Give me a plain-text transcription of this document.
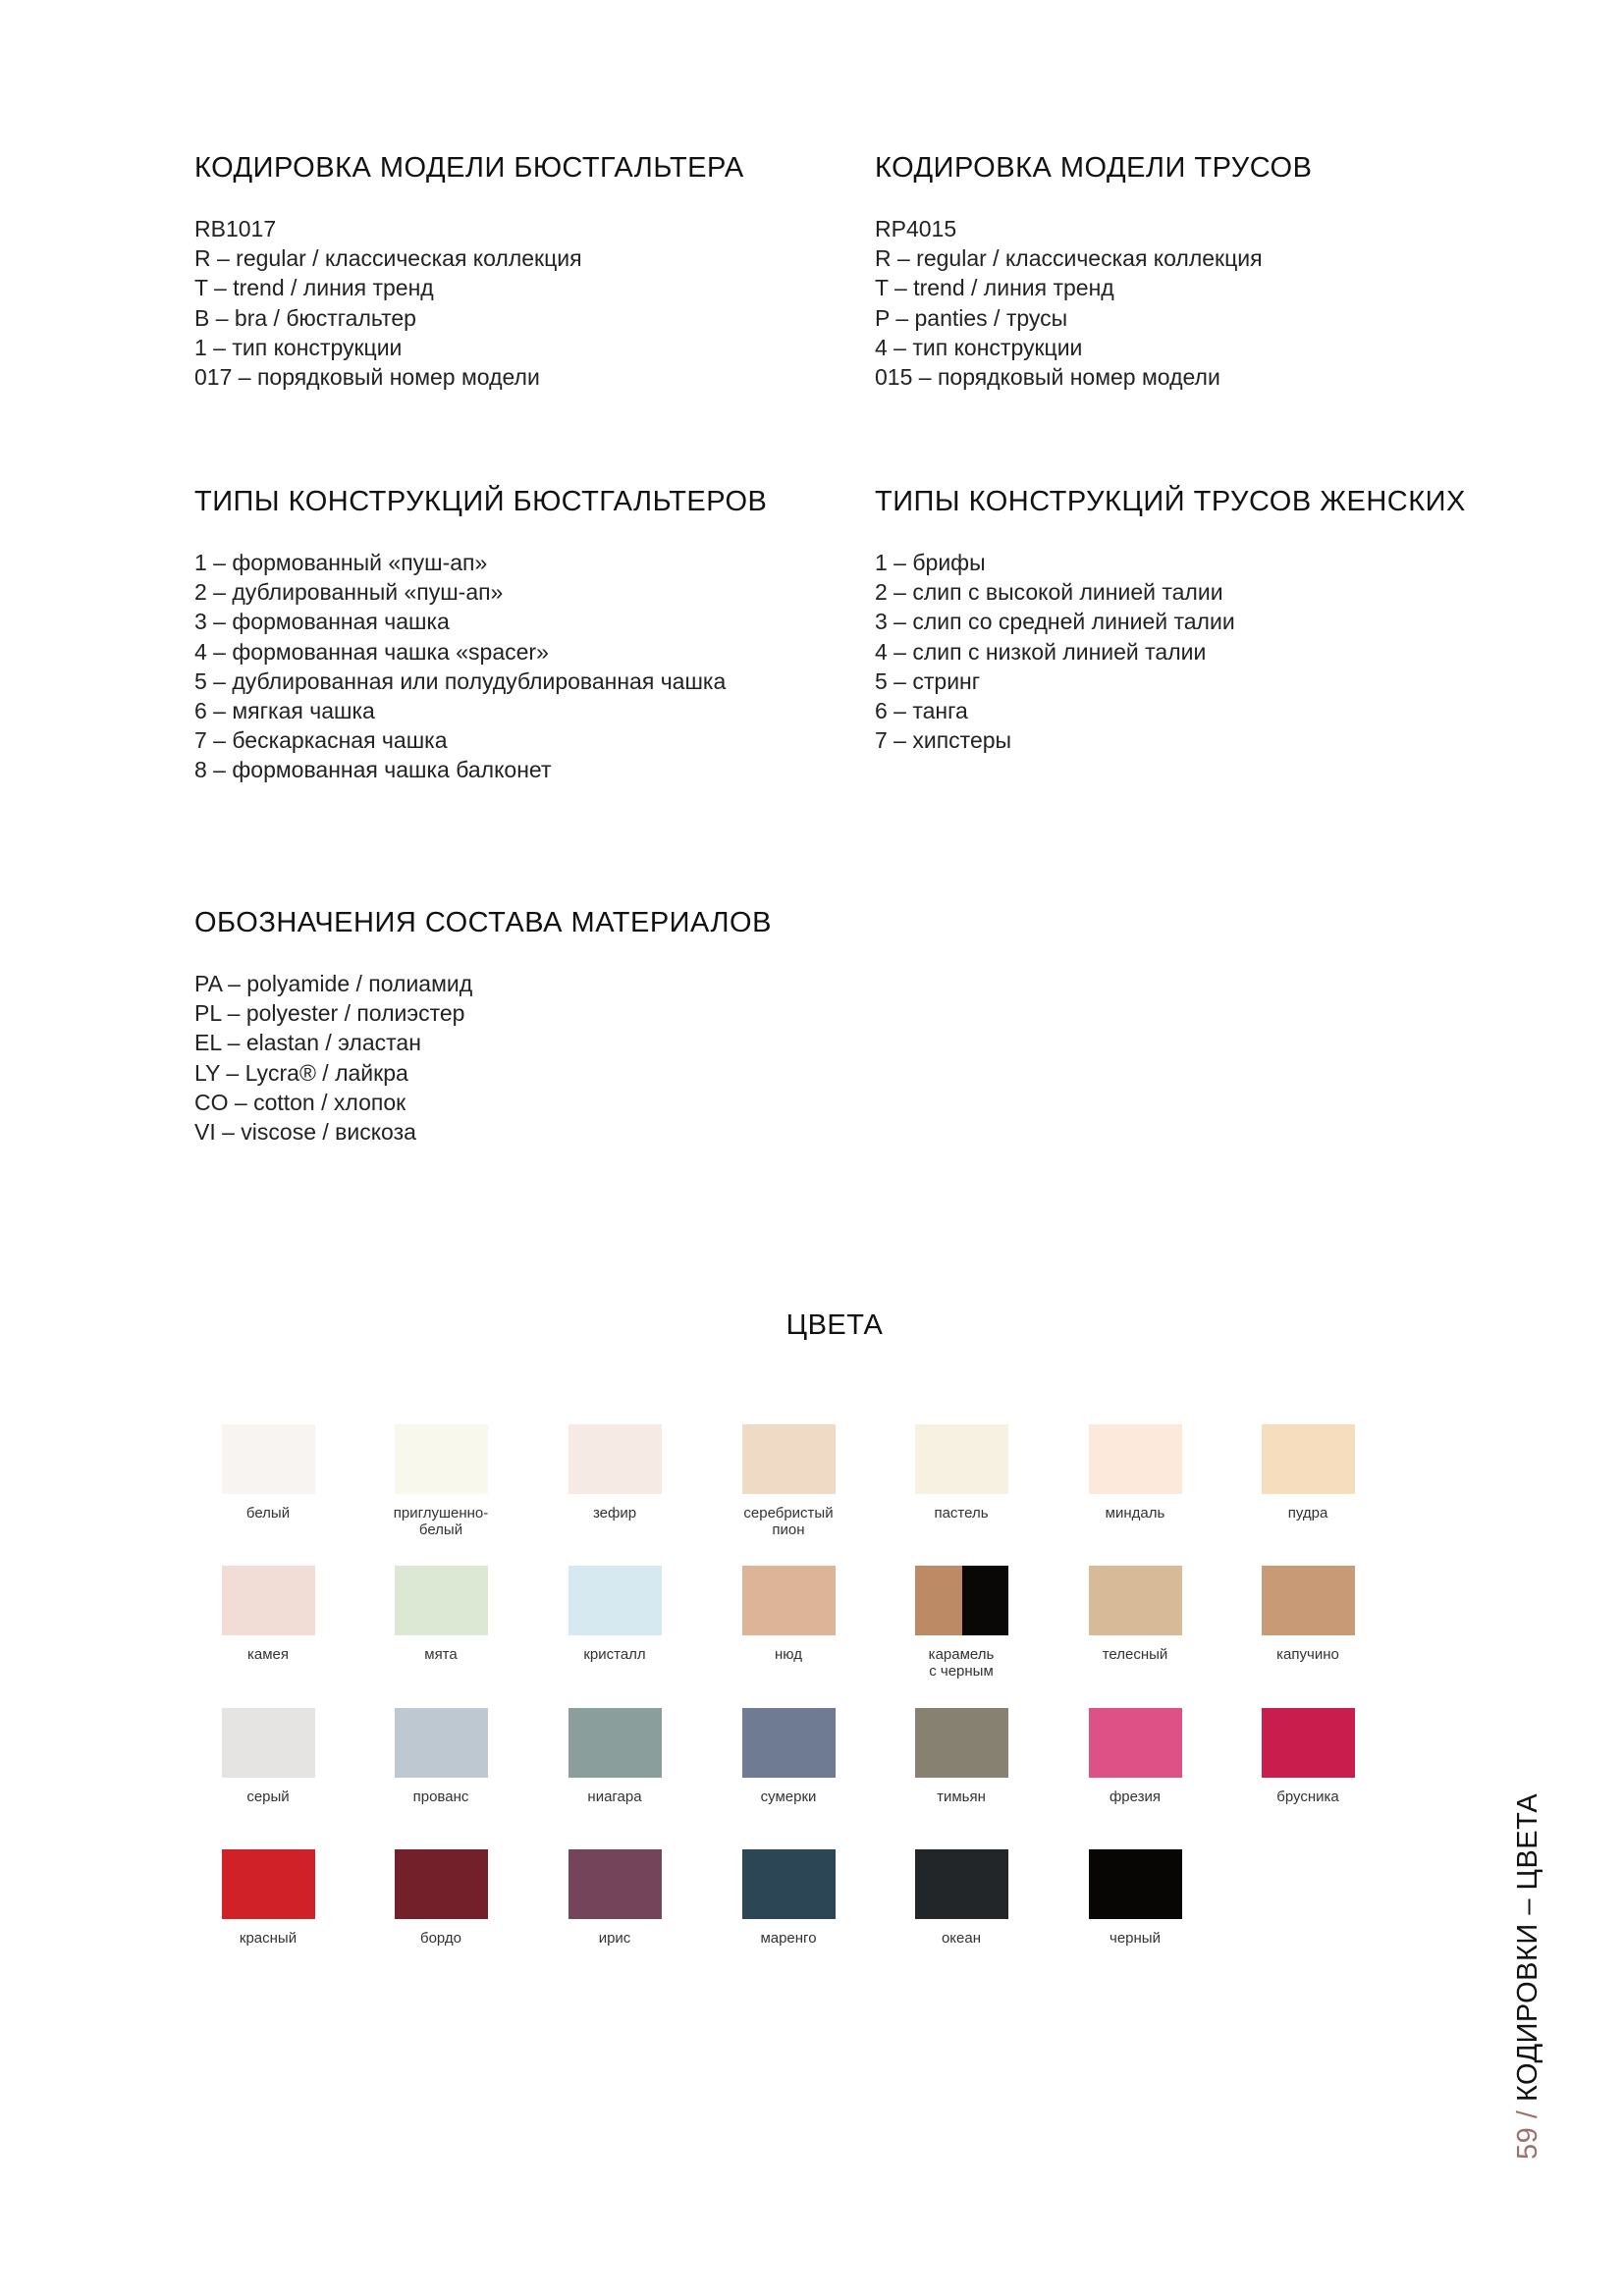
КОДИРОВКА МОДЕЛИ БЮСТГАЛЬТЕРА
RB1017
R – regular / классическая коллекция
T – trend / линия тренд
B – bra / бюстгальтер
1 – тип конструкции
017 – порядковый номер модели
КОДИРОВКА МОДЕЛИ ТРУСОВ
RP4015
R – regular / классическая коллекция
T – trend / линия тренд
P – panties / трусы
4 – тип конструкции
015 – порядковый номер модели
ТИПЫ КОНСТРУКЦИЙ БЮСТГАЛЬТЕРОВ
1 – формованный «пуш-ап»
2 – дублированный «пуш-ап»
3 – формованная чашка
4 – формованная чашка «spacer»
5 – дублированная или полудублированная чашка
6 – мягкая чашка
7 – бескаркасная чашка
8 – формованная чашка балконет
ТИПЫ КОНСТРУКЦИЙ ТРУСОВ ЖЕНСКИХ
1 – брифы
2 – слип с высокой линией талии
3 – слип со средней линией талии
4 – слип с низкой линией талии
5 – стринг
6 – танга
7 – хипстеры
ОБОЗНАЧЕНИЯ СОСТАВА МАТЕРИАЛОВ
PA – polyamide / полиамид
PL – polyester / полиэстер
EL – elastan / эластан
LY – Lycra® / лайкра
CO – cotton / хлопок
VI – viscose / вискоза
ЦВЕТА
белый	приглушенно-
белый
зефир	серебристый
пион
пастель	миндаль	пудра
камея	мята	кристалл	нюд	карамель
с черным
телесный	капучино
серый	прованс	ниагара	сумерки	тимьян	фрезия	брусника
красный	бордо	ирис	маренго	океан	черный
59 / КОДИРОВКИ – ЦВЕТА
